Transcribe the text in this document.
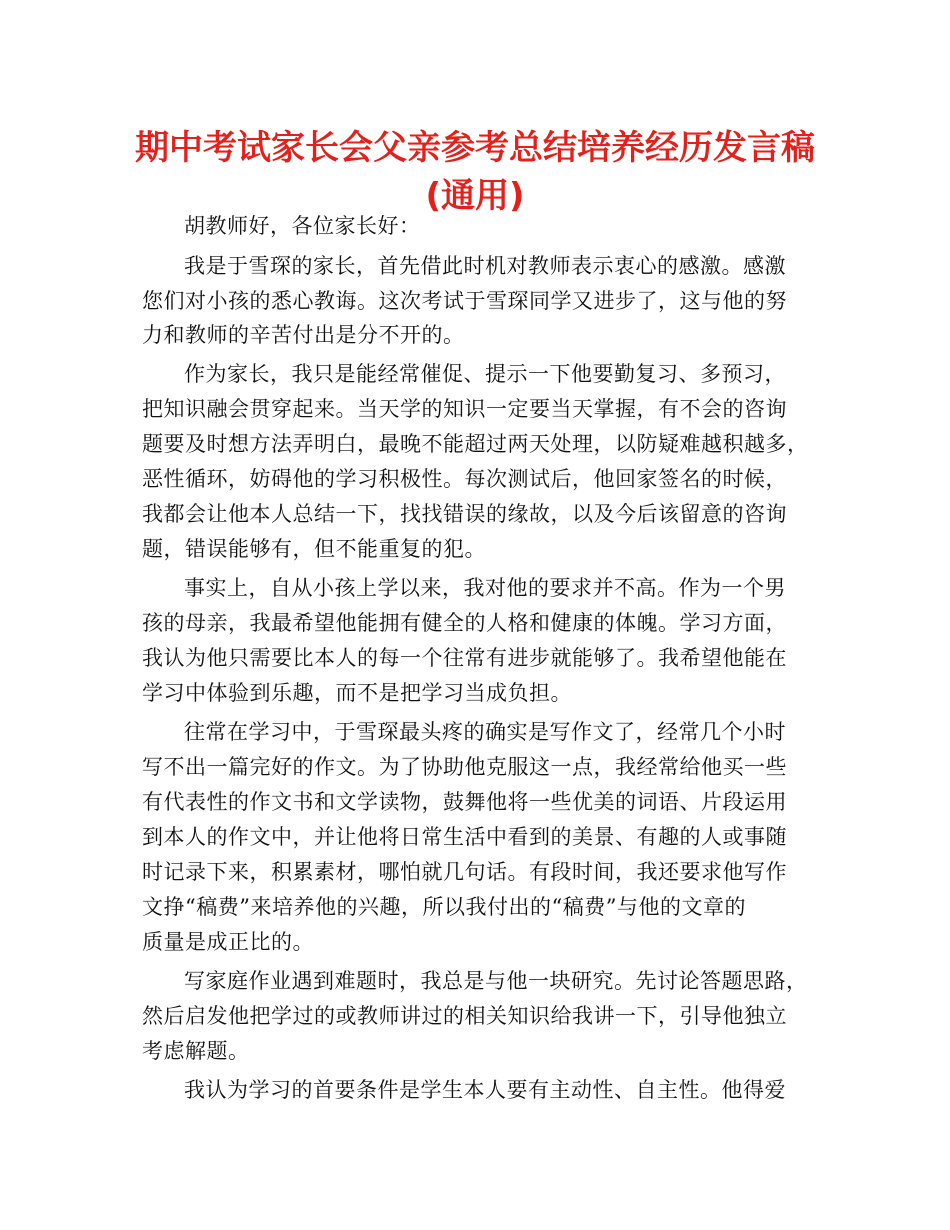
期中考试家长会父亲参考总结培养经历发言稿
(通用)
胡教师好，各位家长好：
我是于雪琛的家长，首先借此时机对教师表示衷心的感激。感激
您们对小孩的悉心教诲。这次考试于雪琛同学又进步了，这与他的努
力和教师的辛苦付出是分不开的。
作为家长，我只是能经常催促、提示一下他要勤复习、多预习，
把知识融会贯穿起来。当天学的知识一定要当天掌握，有不会的咨询
题要及时想方法弄明白，最晚不能超过两天处理，以防疑难越积越多，
恶性循环，妨碍他的学习积极性。每次测试后，他回家签名的时候，
我都会让他本人总结一下，找找错误的缘故，以及今后该留意的咨询
题，错误能够有，但不能重复的犯。
事实上，自从小孩上学以来，我对他的要求并不高。作为一个男
孩的母亲，我最希望他能拥有健全的人格和健康的体魄。学习方面，
我认为他只需要比本人的每一个往常有进步就能够了。我希望他能在
学习中体验到乐趣，而不是把学习当成负担。
往常在学习中，于雪琛最头疼的确实是写作文了，经常几个小时
写不出一篇完好的作文。为了协助他克服这一点，我经常给他买一些
有代表性的作文书和文学读物，鼓舞他将一些优美的词语、片段运用
到本人的作文中，并让他将日常生活中看到的美景、有趣的人或事随
时记录下来，积累素材，哪怕就几句话。有段时间，我还要求他写作
文挣“稿费”来培养他的兴趣，所以我付出的“稿费”与他的文章的
质量是成正比的。
写家庭作业遇到难题时，我总是与他一块研究。先讨论答题思路，
然后启发他把学过的或教师讲过的相关知识给我讲一下，引导他独立
考虑解题。
我认为学习的首要条件是学生本人要有主动性、自主性。他得爱
